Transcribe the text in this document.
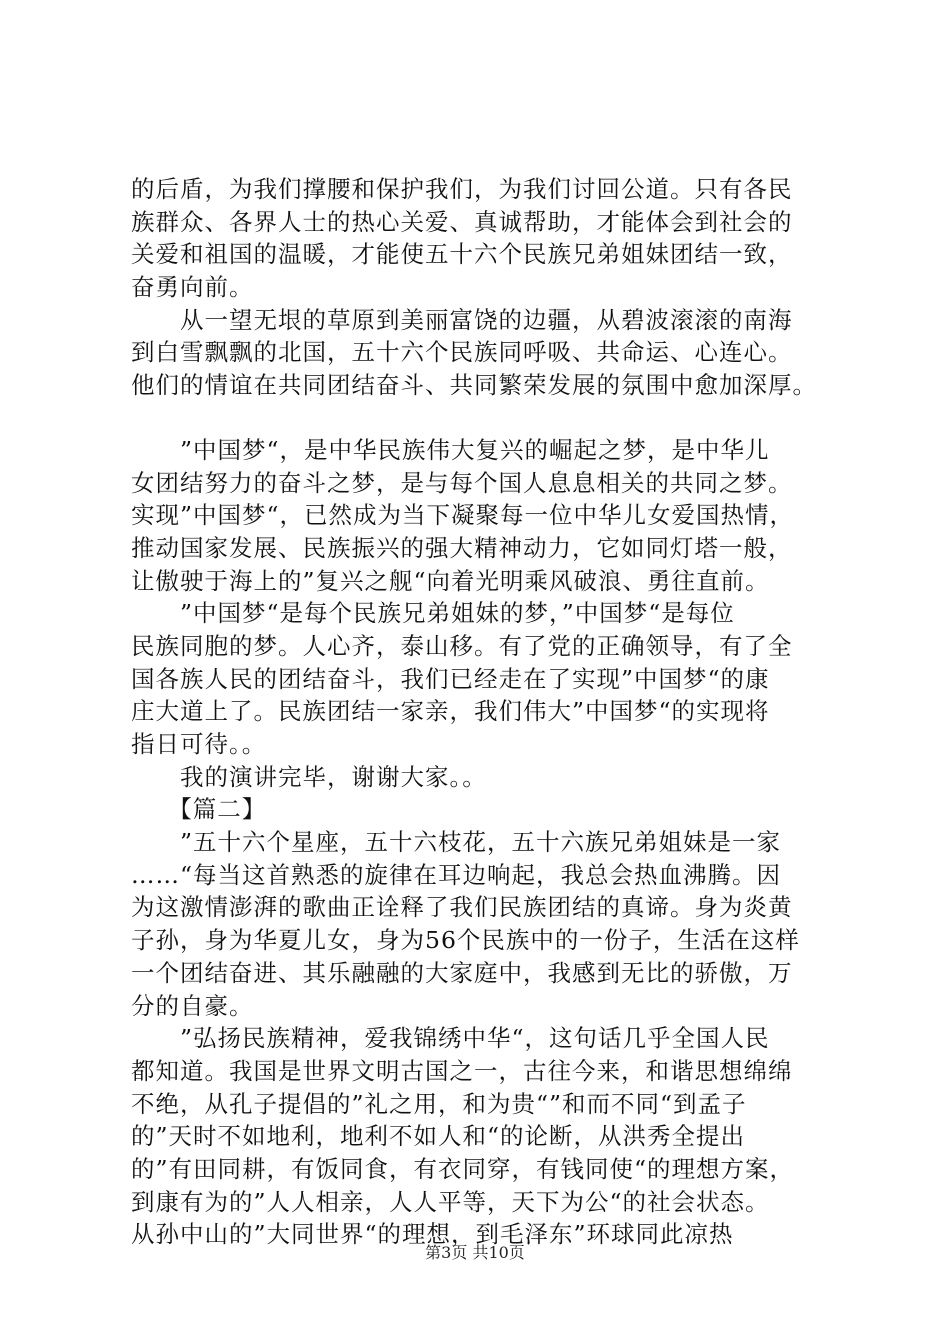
的后盾，为我们撑腰和保护我们，为我们讨回公道。只有各民
族群众、各界人士的热心关爱、真诚帮助，才能体会到社会的
关爱和祖国的温暖，才能使五十六个民族兄弟姐妹团结一致，
奋勇向前。
　　从一望无垠的草原到美丽富饶的边疆，从碧波滚滚的南海
到白雪飘飘的北国，五十六个民族同呼吸、共命运、心连心。
他们的情谊在共同团结奋斗、共同繁荣发展的氛围中愈加深厚。
　　”中国梦“，是中华民族伟大复兴的崛起之梦，是中华儿
女团结努力的奋斗之梦，是与每个国人息息相关的共同之梦。
实现”中国梦“，已然成为当下凝聚每一位中华儿女爱国热情，
推动国家发展、民族振兴的强大精神动力，它如同灯塔一般，
让傲驶于海上的”复兴之舰“向着光明乘风破浪、勇往直前。
　　”中国梦“是每个民族兄弟姐妹的梦，”中国梦“是每位
民族同胞的梦。人心齐，泰山移。有了党的正确领导，有了全
国各族人民的团结奋斗，我们已经走在了实现”中国梦“的康
庄大道上了。民族团结一家亲，我们伟大”中国梦“的实现将
指日可待。。
　　我的演讲完毕，谢谢大家。。
　　【篇二】
　　”五十六个星座，五十六枝花，五十六族兄弟姐妹是一家
……“每当这首熟悉的旋律在耳边响起，我总会热血沸腾。因
为这激情澎湃的歌曲正诠释了我们民族团结的真谛。身为炎黄
子孙，身为华夏儿女，身为56个民族中的一份子，生活在这样
一个团结奋进、其乐融融的大家庭中，我感到无比的骄傲，万
分的自豪。
　　”弘扬民族精神，爱我锦绣中华“，这句话几乎全国人民
都知道。我国是世界文明古国之一，古往今来，和谐思想绵绵
不绝，从孔子提倡的”礼之用，和为贵“”和而不同“到孟子
的”天时不如地利，地利不如人和“的论断，从洪秀全提出
的”有田同耕，有饭同食，有衣同穿，有钱同使“的理想方案，
到康有为的”人人相亲，人人平等，天下为公“的社会状态。
从孙中山的”大同世界“的理想，到毛泽东”环球同此凉热
第3页 共10页
